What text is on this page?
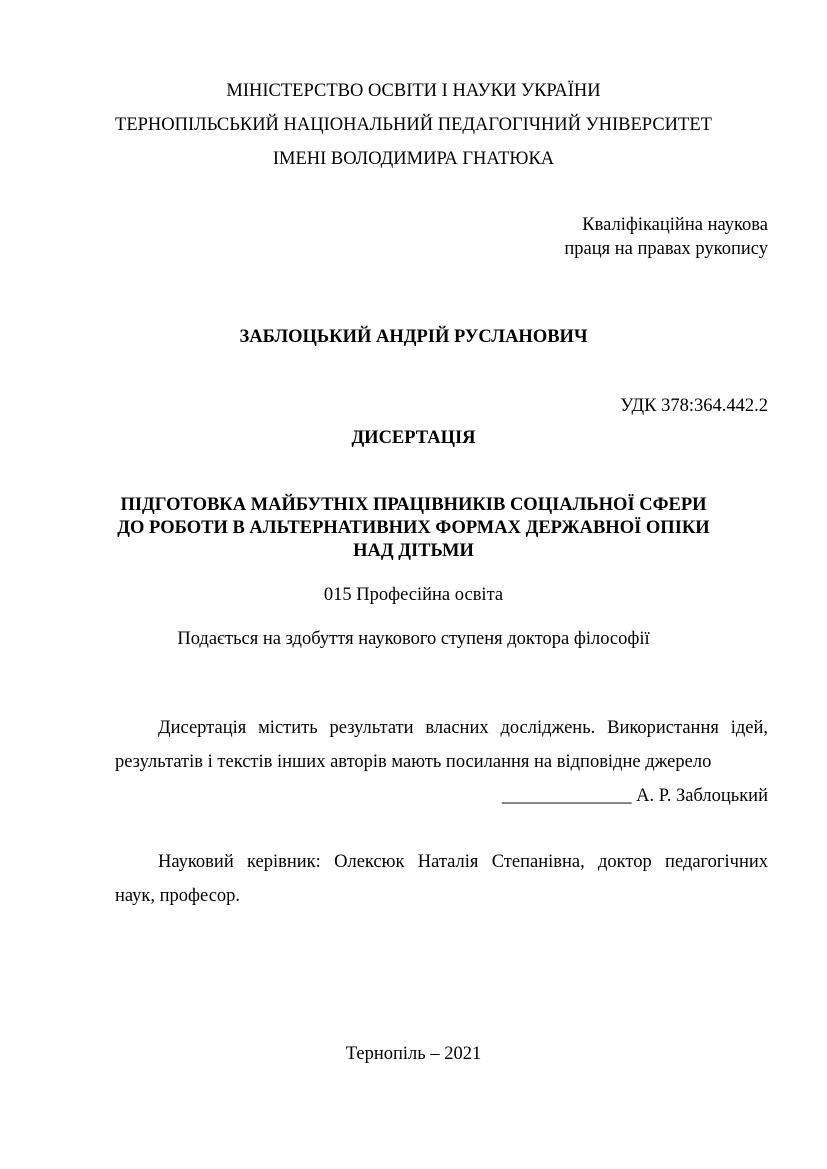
МІНІСТЕРСТВО ОСВІТИ І НАУКИ УКРАЇНИ
ТЕРНОПІЛЬСЬКИЙ НАЦІОНАЛЬНИЙ ПЕДАГОГІЧНИЙ УНІВЕРСИТЕТ
ІМЕНІ ВОЛОДИМИРА ГНАТЮКА
Кваліфікаційна наукова
праця на правах рукопису
ЗАБЛОЦЬКИЙ АНДРІЙ РУСЛАНОВИЧ
УДК 378:364.442.2
ДИСЕРТАЦІЯ
ПІДГОТОВКА МАЙБУТНІХ ПРАЦІВНИКІВ СОЦІАЛЬНОЇ СФЕРИ
ДО РОБОТИ В АЛЬТЕРНАТИВНИХ ФОРМАХ ДЕРЖАВНОЇ ОПІКИ
НАД ДІТЬМИ
015 Професійна освіта
Подається на здобуття наукового ступеня доктора філософії
Дисертація містить результати власних досліджень. Використання ідей,
результатів і текстів інших авторів мають посилання на відповідне джерело
______________ А. Р. Заблоцький
Науковий керівник: Олексюк Наталія Степанівна, доктор педагогічних
наук, професор.
Тернопіль – 2021
